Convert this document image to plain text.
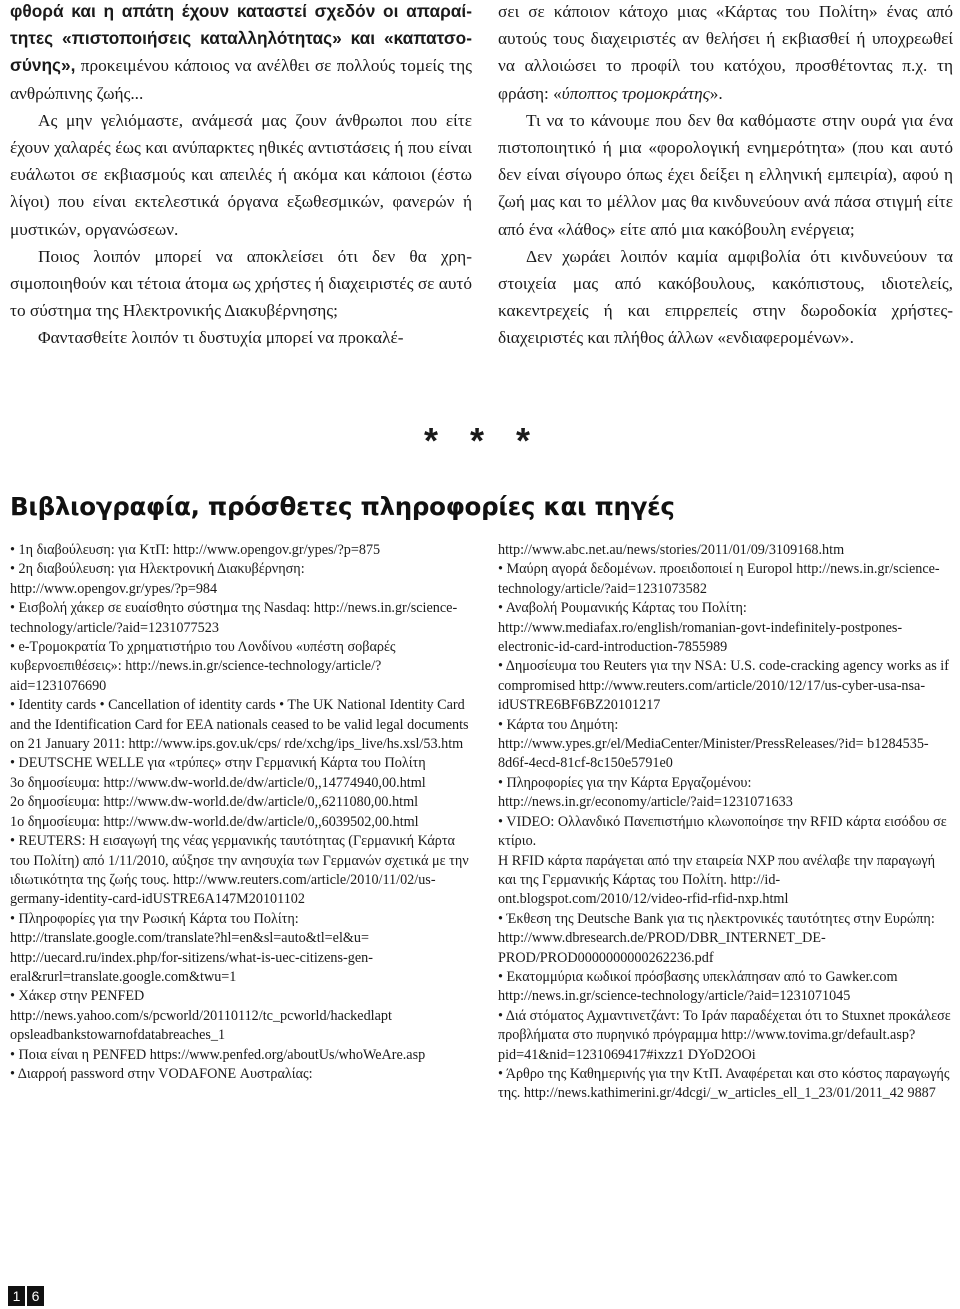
φθορά και η απάτη έχουν καταστεί σχεδόν οι απαραίτητες «πιστοποιήσεις καταλληλότητας» και «καπατσοσύνης», προκειμένου κάποιος να ανέλθει σε πολλούς τομείς της ανθρώπινης ζωής...

Ας μην γελιόμαστε, ανάμεσά μας ζουν άνθρωποι που είτε έχουν χαλαρές έως και ανύπαρκτες ηθικές αντιστάσεις ή που είναι ευάλωτοι σε εκβιασμούς και απειλές ή ακόμα και κάποιοι (έστω λίγοι) που είναι εκτελεστικά όργανα εξωθεσμικών, φανερών ή μυστικών, οργανώσεων.

Ποιος λοιπόν μπορεί να αποκλείσει ότι δεν θα χρησιμοποιηθούν και τέτοια άτομα ως χρήστες ή διαχειριστές σε αυτό το σύστημα της Ηλεκτρονικής Διακυβέρνησης;

Φαντασθείτε λοιπόν τι δυστυχία μπορεί να προκαλέ-

σει σε κάποιον κάτοχο μιας «Κάρτας του Πολίτη» ένας από αυτούς τους διαχειριστές αν θελήσει ή εκβιασθεί ή υποχρεωθεί να αλλοιώσει το προφίλ του κατόχου, προσθέτοντας π.χ. τη φράση: «ύποπτος τρομοκράτης».

Τι να το κάνουμε που δεν θα καθόμαστε στην ουρά για ένα πιστοποιητικό ή μια «φορολογική ενημερότητα» (που και αυτό δεν είναι σίγουρο όπως έχει δείξει η ελληνική εμπειρία), αφού η ζωή μας και το μέλλον μας θα κινδυνεύουν ανά πάσα στιγμή είτε από ένα «λάθος» είτε από μια κακόβουλη ενέργεια;

Δεν χωράει λοιπόν καμία αμφιβολία ότι κινδυνεύουν τα στοιχεία μας από κακόβουλους, κακόπιστους, ιδιοτελείς, κακεντρεχείς ή και επιρρεπείς στην δωροδοκία χρήστες-διαχειριστές και πλήθος άλλων «ενδιαφερομένων».

* * *
Βιβλιογραφία, πρόσθετες πληροφορίες και πηγές

• 1η διαβούλευση: για ΚτΠ: http://www.opengov.gr/ypes/?p=875

• 2η διαβούλευση: για Ηλεκτρονική Διακυβέρνηση: http://www.opengov.gr/ypes/?p=984

• Εισβολή χάκερ σε ευαίσθητο σύστημα της Nasdaq: http://news.in.gr/science-technology/article/?aid=1231077523

• e-Τρομοκρατία Το χρηματιστήριο του Λονδίνου «υπέστη σοβαρές κυβερνοεπιθέσεις»: http://news.in.gr/science-technology/article/?aid=1231076690

• Identity cards • Cancellation of identity cards • The UK National Identity Card and the Identification Card for EEA nationals ceased to be valid legal documents on 21 January 2011: http://www.ips.gov.uk/cps/ rde/xchg/ips_live/hs.xsl/53.htm

• DEUTSCHE WELLE για «τρύπες» στην Γερμανική Κάρτα του Πολίτη

3ο δημοσίευμα: http://www.dw-world.de/dw/article/0,,14774940,00.html

2ο δημοσίευμα: http://www.dw-world.de/dw/article/0,,6211080,00.html

1ο δημοσίευμα: http://www.dw-world.de/dw/article/0,,6039502,00.html

• REUTERS: Η εισαγωγή της νέας γερμανικής ταυτότητας (Γερμανική Κάρτα του Πολίτη) από 1/11/2010, αύξησε την ανησυχία των Γερμανών σχετικά με την ιδιωτικότητα της ζωής τους. http://www.reuters.com/article/2010/11/02/us-germany-identity-card-idUSTRE6A147M20101102

• Πληροφορίες για την Ρωσική Κάρτα του Πολίτη: http://translate.google.com/translate?hl=en&sl=auto&tl=el&u= http://uecard.ru/index.php/for-sitizens/what-is-uec-citizens-general&rurl=translate.google.com&twu=1

• Χάκερ στην PENFED http://news.yahoo.com/s/pcworld/20110112/tc_pcworld/hackedlapt opsleadbankstowarnofdatabreaches_1

• Ποια είναι η PENFED https://www.penfed.org/aboutUs/whoWeAre.asp

• Διαρροή password στην VODAFONE Αυστραλίας:

http://www.abc.net.au/news/stories/2011/01/09/3109168.htm

• Μαύρη αγορά δεδομένων. προειδοποιεί η Europol http://news.in.gr/science-technology/article/?aid=1231073582

• Αναβολή Ρουμανικής Κάρτας του Πολίτη: http://www.mediafax.ro/english/romanian-govt-indefinitely-postpones-electronic-id-card-introduction-7855989

• Δημοσίευμα του Reuters για την NSA: U.S. code-cracking agency works as if compromised http://www.reuters.com/article/2010/12/17/us-cyber-usa-nsa-idUSTRE6BF6BZ20101217

• Κάρτα του Δημότη: http://www.ypes.gr/el/MediaCenter/Minister/PressReleases/?id= b1284535-8d6f-4ecd-81cf-8c150e5791e0

• Πληροφορίες για την Κάρτα Εργαζομένου: http://news.in.gr/economy/article/?aid=1231071633

• VIDEO: Ολλανδικό Πανεπιστήμιο κλωνοποίησε την RFID κάρτα εισόδου σε κτίριο.

Η RFID κάρτα παράγεται από την εταιρεία NXP που ανέλαβε την παραγωγή και της Γερμανικής Κάρτας του Πολίτη. http://id-ont.blogspot.com/2010/12/video-rfid-rfid-nxp.html

• Έκθεση της Deutsche Bank για τις ηλεκτρονικές ταυτότητες στην Ευρώπη: http://www.dbresearch.de/PROD/DBR_INTERNET_DE-PROD/PROD0000000000262236.pdf

• Εκατομμύρια κωδικοί πρόσβασης υπεκλάπησαν από το Gawker.com http://news.in.gr/science-technology/article/?aid=1231071045

• Διά στόματος Αχμαντινετζάντ: Το Ιράν παραδέχεται ότι το Stuxnet προκάλεσε προβλήματα στο πυρηνικό πρόγραμμα http://www.tovima.gr/default.asp?pid=41&nid=1231069417#ixzz1 DYoD2OOi

• Άρθρο της Καθημερινής για την ΚτΠ. Αναφέρεται και στο κόστος παραγωγής της. http://news.kathimerini.gr/4dcgi/_w_articles_ell_1_23/01/2011_42 9887

1 6
